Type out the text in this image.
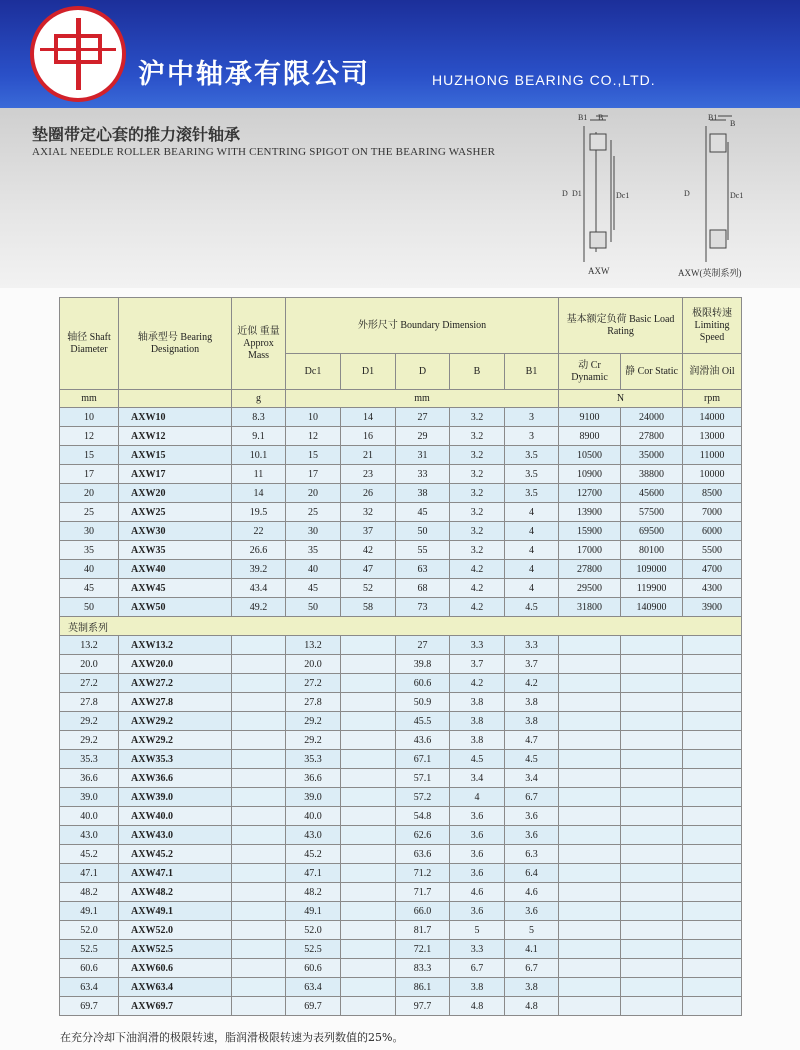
沪中轴承有限公司	HUZHONG BEARING CO.,LTD.
垫圈带定心套的推力滚针轴承
AXIAL NEEDLE ROLLER BEARING WITH CENTRING SPIGOT ON THE BEARING WASHER
B1 B
D D1	Dc1
AXW
B1
B
D	Dc1
AXW(英制系列)
轴径 Shaft Diameter	轴承型号 Bearing Designation	近似 重量 Approx Mass	外形尺寸 Boundary Dimension					基本额定负荷 Basic Load Rating		极限转速 Limiting Speed
			Dc1	D1	D	B	B1	动 Cr Dynamic	静 Cor Static	润滑油 Oil
mm		g	mm					N		rpm
10	AXW10	8.3	10	14	27	3.2	3	9100	24000	14000
12	AXW12	9.1	12	16	29	3.2	3	8900	27800	13000
15	AXW15	10.1	15	21	31	3.2	3.5	10500	35000	11000
17	AXW17	11	17	23	33	3.2	3.5	10900	38800	10000
20	AXW20	14	20	26	38	3.2	3.5	12700	45600	8500
25	AXW25	19.5	25	32	45	3.2	4	13900	57500	7000
30	AXW30	22	30	37	50	3.2	4	15900	69500	6000
35	AXW35	26.6	35	42	55	3.2	4	17000	80100	5500
40	AXW40	39.2	40	47	63	4.2	4	27800	109000	4700
45	AXW45	43.4	45	52	68	4.2	4	29500	119900	4300
50	AXW50	49.2	50	58	73	4.2	4.5	31800	140900	3900
英制系列										
13.2	AXW13.2		13.2		27	3.3	3.3			
20.0	AXW20.0		20.0		39.8	3.7	3.7			
27.2	AXW27.2		27.2		60.6	4.2	4.2			
27.8	AXW27.8		27.8		50.9	3.8	3.8			
29.2	AXW29.2		29.2		45.5	3.8	3.8			
29.2	AXW29.2		29.2		43.6	3.8	4.7			
35.3	AXW35.3		35.3		67.1	4.5	4.5			
36.6	AXW36.6		36.6		57.1	3.4	3.4			
39.0	AXW39.0		39.0		57.2	4	6.7			
40.0	AXW40.0		40.0		54.8	3.6	3.6			
43.0	AXW43.0		43.0		62.6	3.6	3.6			
45.2	AXW45.2		45.2		63.6	3.6	6.3			
47.1	AXW47.1		47.1		71.2	3.6	6.4			
48.2	AXW48.2		48.2		71.7	4.6	4.6			
49.1	AXW49.1		49.1		66.0	3.6	3.6			
52.0	AXW52.0		52.0		81.7	5	5			
52.5	AXW52.5		52.5		72.1	3.3	4.1			
60.6	AXW60.6		60.6		83.3	6.7	6.7			
63.4	AXW63.4		63.4		86.1	3.8	3.8			
69.7	AXW69.7		69.7		97.7	4.8	4.8			
在充分冷却下油润滑的极限转速，脂润滑极限转速为表列数值的25%。
